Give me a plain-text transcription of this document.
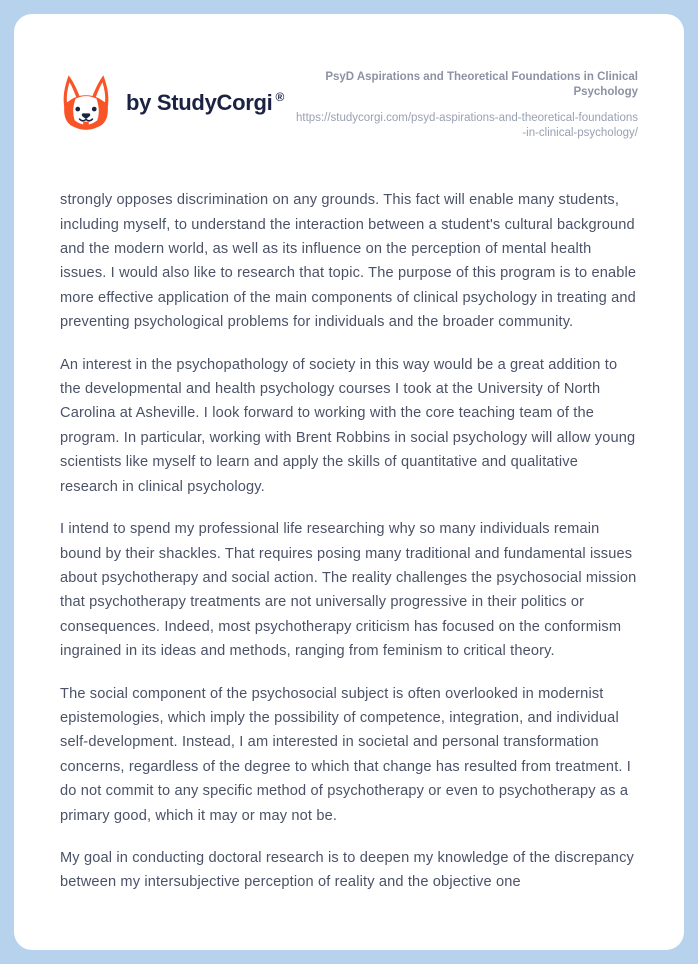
by StudyCorgi ®
PsyD Aspirations and Theoretical Foundations in Clinical Psychology
https://studycorgi.com/psyd-aspirations-and-theoretical-foundations-in-clinical-psychology/

strongly opposes discrimination on any grounds. This fact will enable many students, including myself, to understand the interaction between a student's cultural background and the modern world, as well as its influence on the perception of mental health issues. I would also like to research that topic. The purpose of this program is to enable more effective application of the main components of clinical psychology in treating and preventing psychological problems for individuals and the broader community.

An interest in the psychopathology of society in this way would be a great addition to the developmental and health psychology courses I took at the University of North Carolina at Asheville. I look forward to working with the core teaching team of the program. In particular, working with Brent Robbins in social psychology will allow young scientists like myself to learn and apply the skills of quantitative and qualitative research in clinical psychology.

I intend to spend my professional life researching why so many individuals remain bound by their shackles. That requires posing many traditional and fundamental issues about psychotherapy and social action. The reality challenges the psychosocial mission that psychotherapy treatments are not universally progressive in their politics or consequences. Indeed, most psychotherapy criticism has focused on the conformism ingrained in its ideas and methods, ranging from feminism to critical theory.

The social component of the psychosocial subject is often overlooked in modernist epistemologies, which imply the possibility of competence, integration, and individual self-development. Instead, I am interested in societal and personal transformation concerns, regardless of the degree to which that change has resulted from treatment. I do not commit to any specific method of psychotherapy or even to psychotherapy as a primary good, which it may or may not be.

My goal in conducting doctoral research is to deepen my knowledge of the discrepancy between my intersubjective perception of reality and the objective one
